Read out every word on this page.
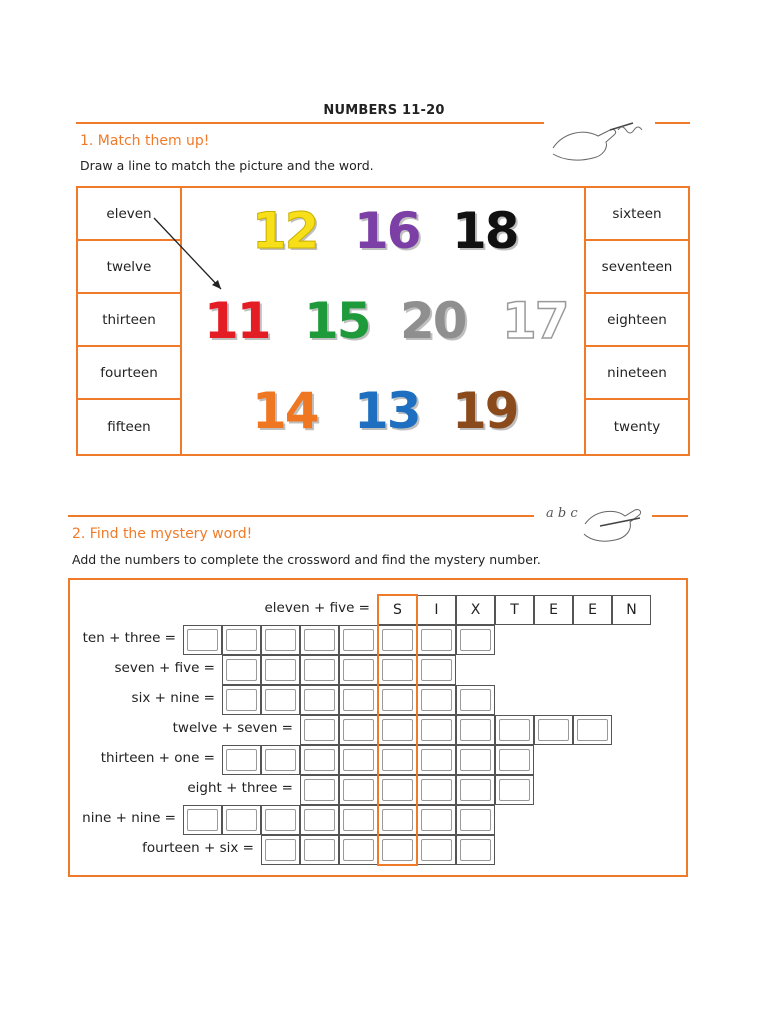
NUMBERS 11-20
1. Match them up!
Draw a line to match the picture and the word.
eleven
twelve
thirteen
fourteen
fifteen
sixteen
seventeen
eighteen
nineteen
twenty
12 16 18
11 15 20 17
14 13 19
a b c
2. Find the mystery word!
Add the numbers to complete the crossword and find the mystery number.
eleven + five =	S	I	X	T	E	E	N
ten + three =
seven + five =
six + nine =
twelve + seven =
thirteen + one =
eight + three =
nine + nine =
fourteen + six =
